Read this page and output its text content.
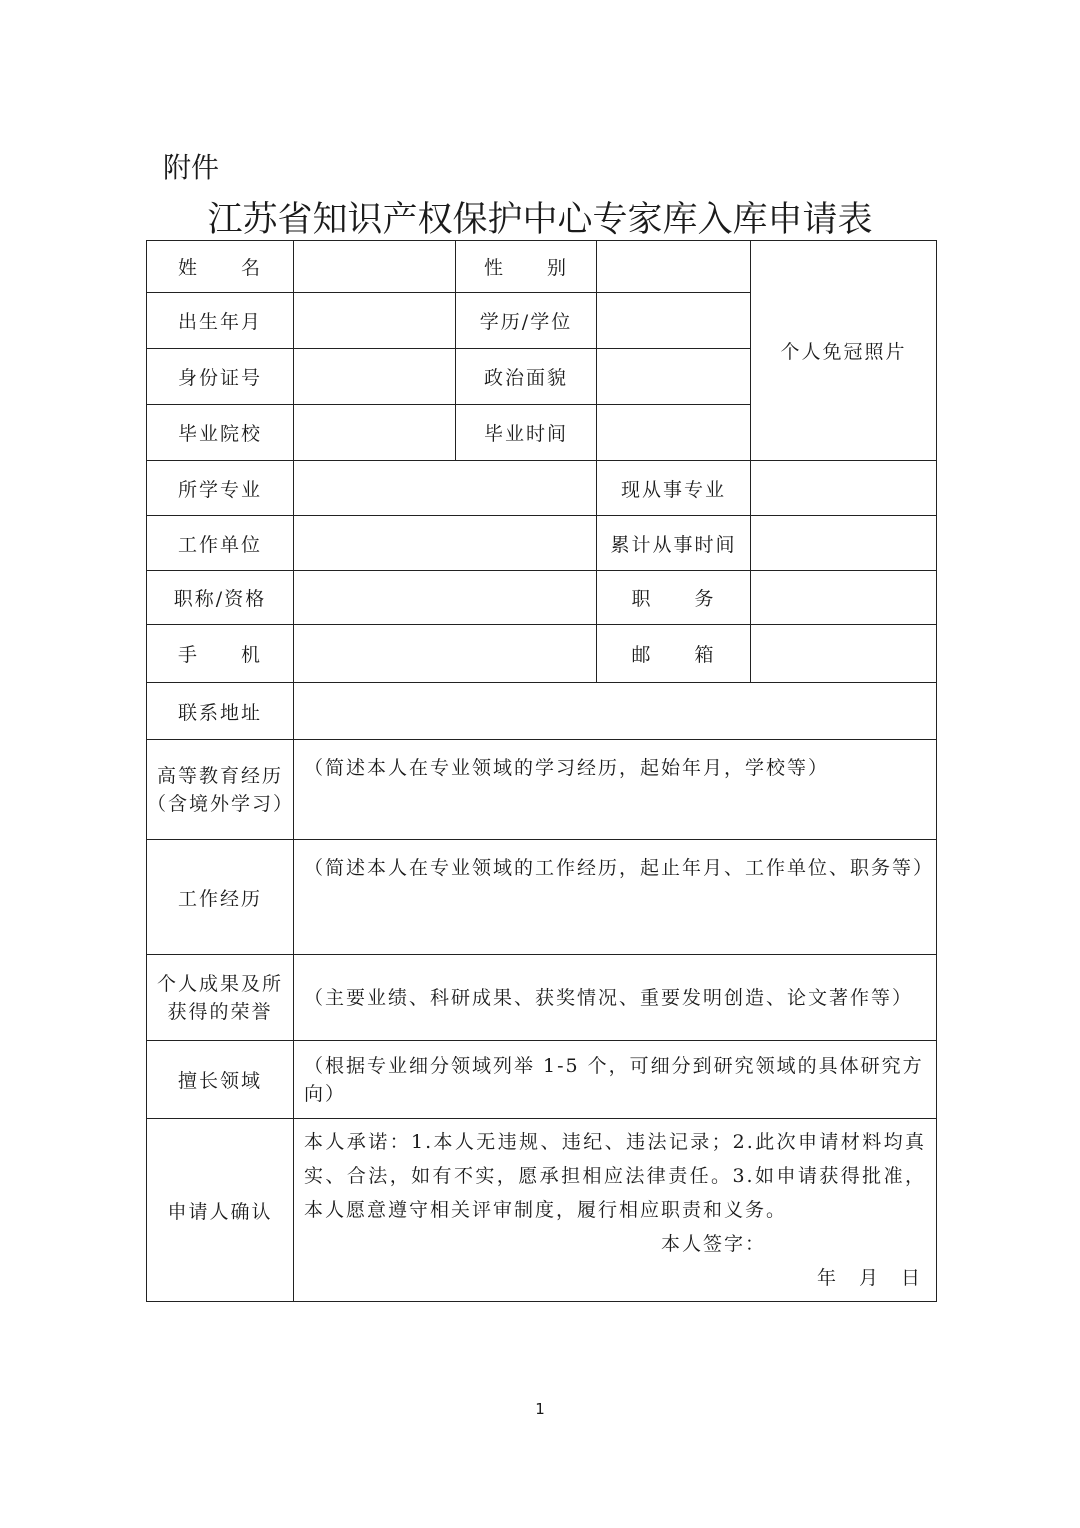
附件
江苏省知识产权保护中心专家库入库申请表
姓　　名		性　　别		个人免冠照片
出生年月		学历/学位		
身份证号		政治面貌		
毕业院校		毕业时间		
所学专业			现从事专业	
工作单位			累计从事时间	
职称/资格			职　　务	
手　　机			邮　　箱	
联系地址				
高等教育经历（含境外学习）	（简述本人在专业领域的学习经历，起始年月，学校等）			
工作经历	（简述本人在专业领域的工作经历，起止年月、工作单位、职务等）			
个人成果及所获得的荣誉	（主要业绩、科研成果、获奖情况、重要发明创造、论文著作等）			
擅长领域	（根据专业细分领域列举 1-5 个，可细分到研究领域的具体研究方向）			
申请人确认	本人承诺：1.本人无违规、违纪、违法记录；2.此次申请材料均真实、合法，如有不实，愿承担相应法律责任。3.如申请获得批准，本人愿意遵守相关评审制度，履行相应职责和义务。
本人签字：
年　月　日			
1
